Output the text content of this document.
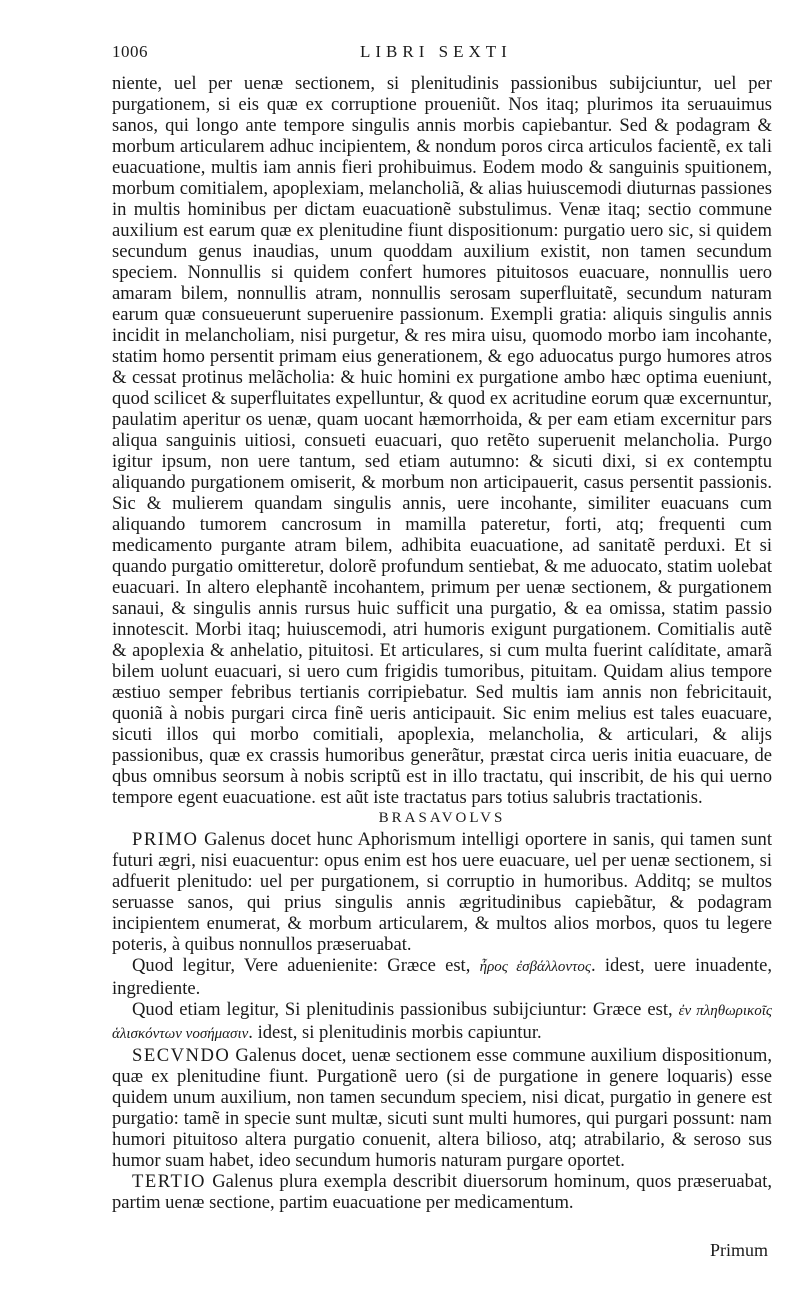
1006	LIBRI SEXTI

niente, uel per uenæ sectionem, si plenitudinis passionibus subijciuntur, uel per purgationem, si eis quæ ex corruptione proueniũt. Nos itaq; plurimos ita seruauimus sanos, qui longo ante tempore singulis annis morbis capiebantur. Sed & podagram & morbum articularem adhuc incipientem, & nondum poros circa articulos facientẽ, ex tali euacuatione, multis iam annis fieri prohibuimus. Eodem modo & sanguinis spuitionem, morbum comitialem, apoplexiam, melancholiã, & alias huiuscemodi diuturnas passiones in multis hominibus per dictam euacuationẽ substulimus. Venæ itaq; sectio commune auxilium est earum quæ ex plenitudine fiunt dispositionum: purgatio uero sic, si quidem secundum genus inaudias, unum quoddam auxilium existit, non tamen secundum speciem. Nonnullis si quidem confert humores pituitosos euacuare, nonnullis uero amaram bilem, nonnullis atram, nonnullis serosam superfluitatẽ, secundum naturam earum quæ consueuerunt superuenire passionum. Exempli gratia: aliquis singulis annis incidit in melancholiam, nisi purgetur, & res mira uisu, quomodo morbo iam incohante, statim homo persentit primam eius generationem, & ego aduocatus purgo humores atros & cessat protinus melãcholia: & huic homini ex purgatione ambo hæc optima eueniunt, quod scilicet & superfluitates expelluntur, & quod ex acritudine eorum quæ excernuntur, paulatim aperitur os uenæ, quam uocant hæmorrhoida, & per eam etiam excernitur pars aliqua sanguinis uitiosi, consueti euacuari, quo retẽto superuenit melancholia. Purgo igitur ipsum, non uere tantum, sed etiam autumno: & sicuti dixi, si ex contemptu aliquando purgationem omiserit, & morbum non articipauerit, casus persentit passionis. Sic & mulierem quandam singulis annis, uere incohante, similiter euacuans cum aliquando tumorem cancrosum in mamilla pateretur, forti, atq; frequenti cum medicamento purgante atram bilem, adhibita euacuatione, ad sanitatẽ perduxi. Et si quando purgatio omitteretur, dolorẽ profundum sentiebat, & me aduocato, statim uolebat euacuari. In altero elephantẽ incohantem, primum per uenæ sectionem, & purgationem sanaui, & singulis annis rursus huic sufficit una purgatio, & ea omissa, statim passio innotescit. Morbi itaq; huiuscemodi, atri humoris exigunt purgationem. Comitialis autẽ & apoplexia & anhelatio, pituitosi. Et articulares, si cum multa fuerint calíditate, amarã bilem uolunt euacuari, si uero cum frigidis tumoribus, pituitam. Quidam alius tempore æstiuo semper febribus tertianis corripiebatur. Sed multis iam annis non febricitauit, quoniã à nobis purgari circa finẽ ueris anticipauit. Sic enim melius est tales euacuare, sicuti illos qui morbo comitiali, apoplexia, melancholia, & articulari, & alijs passionibus, quæ ex crassis humoribus generãtur, præstat circa ueris initia euacuare, de qbus omnibus seorsum à nobis scriptũ est in illo tractatu, qui inscribit, de his qui uerno tempore egent euacuatione. est aũt iste tractatus pars totius salubris tractationis.

BRASAVOLVS

PRIMO Galenus docet hunc Aphorismum intelligi oportere in sanis, qui tamen sunt futuri ægri, nisi euacuentur: opus enim est hos uere euacuare, uel per uenæ sectionem, si adfuerit plenitudo: uel per purgationem, si corruptio in humoribus. Additq; se multos seruasse sanos, qui prius singulis annis ægritudinibus capiebãtur, & podagram incipientem enumerat, & morbum articularem, & multos alios morbos, quos tu legere poteris, à quibus nonnullos præseruabat.

Quod legitur, Vere aduenienite: Græce est, ἦρος ἐσβάλλοντος. idest, uere inuadente, ingrediente.

Quod etiam legitur, Si plenitudinis passionibus subijciuntur: Græce est, ἐν πληθωρικοῖς ἁλισκόντων νοσήμασιν. idest, si plenitudinis morbis capiuntur.

SECVNDO Galenus docet, uenæ sectionem esse commune auxilium dispositionum, quæ ex plenitudine fiunt. Purgationẽ uero (si de purgatione in genere loquaris) esse quidem unum auxilium, non tamen secundum speciem, nisi dicat, purgatio in genere est purgatio: tamẽ in specie sunt multæ, sicuti sunt multi humores, qui purgari possunt: nam humori pituitoso altera purgatio conuenit, altera bilioso, atq; atrabilario, & seroso sus humor suam habet, ideo secundum humoris naturam purgare oportet.

TERTIO Galenus plura exempla describit diuersorum hominum, quos præseruabat, partim uenæ sectione, partim euacuatione per medicamentum.

Primum
